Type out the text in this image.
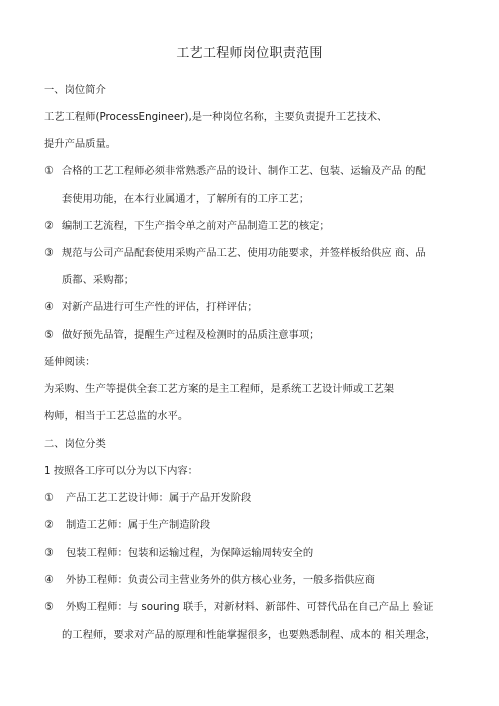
工艺工程师岗位职责范围
一、岗位简介
工艺工程师(ProcessEngineer),是一种岗位名称，主要负责提升工艺技术、
提升产品质量。
① 合格的工艺工程师必须非常熟悉产品的设计、制作工艺、包装、运输及产品 的配
套使用功能，在本行业属通才，了解所有的工序工艺；
② 编制工艺流程，下生产指令单之前对产品制造工艺的核定；
③ 规范与公司产品配套使用采购产品工艺、使用功能要求，并签样板给供应 商、品
质都、采购都；
④ 对新产品进行可生产性的评估，打样评估；
⑤ 做好预先品管，提醒生产过程及检测时的品质注意事项；
延伸阅读：
为采购、生产等提供全套工艺方案的是主工程师，是系统工艺设计师或工艺架
构师，相当于工艺总监的水平。
二、岗位分类
1 按照各工序可以分为以下内容：
① 产品工艺工艺设计师：属于产品开发阶段
② 制造工艺师：属于生产制造阶段
③ 包装工程师：包装和运输过程，为保障运输周转安全的
④ 外协工程师：负责公司主营业务外的供方核心业务，一般多指供应商
⑤ 外购工程师：与 souring 联手，对新材料、新部件、可替代品在自己产品上 验证
的工程师，要求对产品的原理和性能掌握很多，也要熟悉制程、成本的 相关理念，
